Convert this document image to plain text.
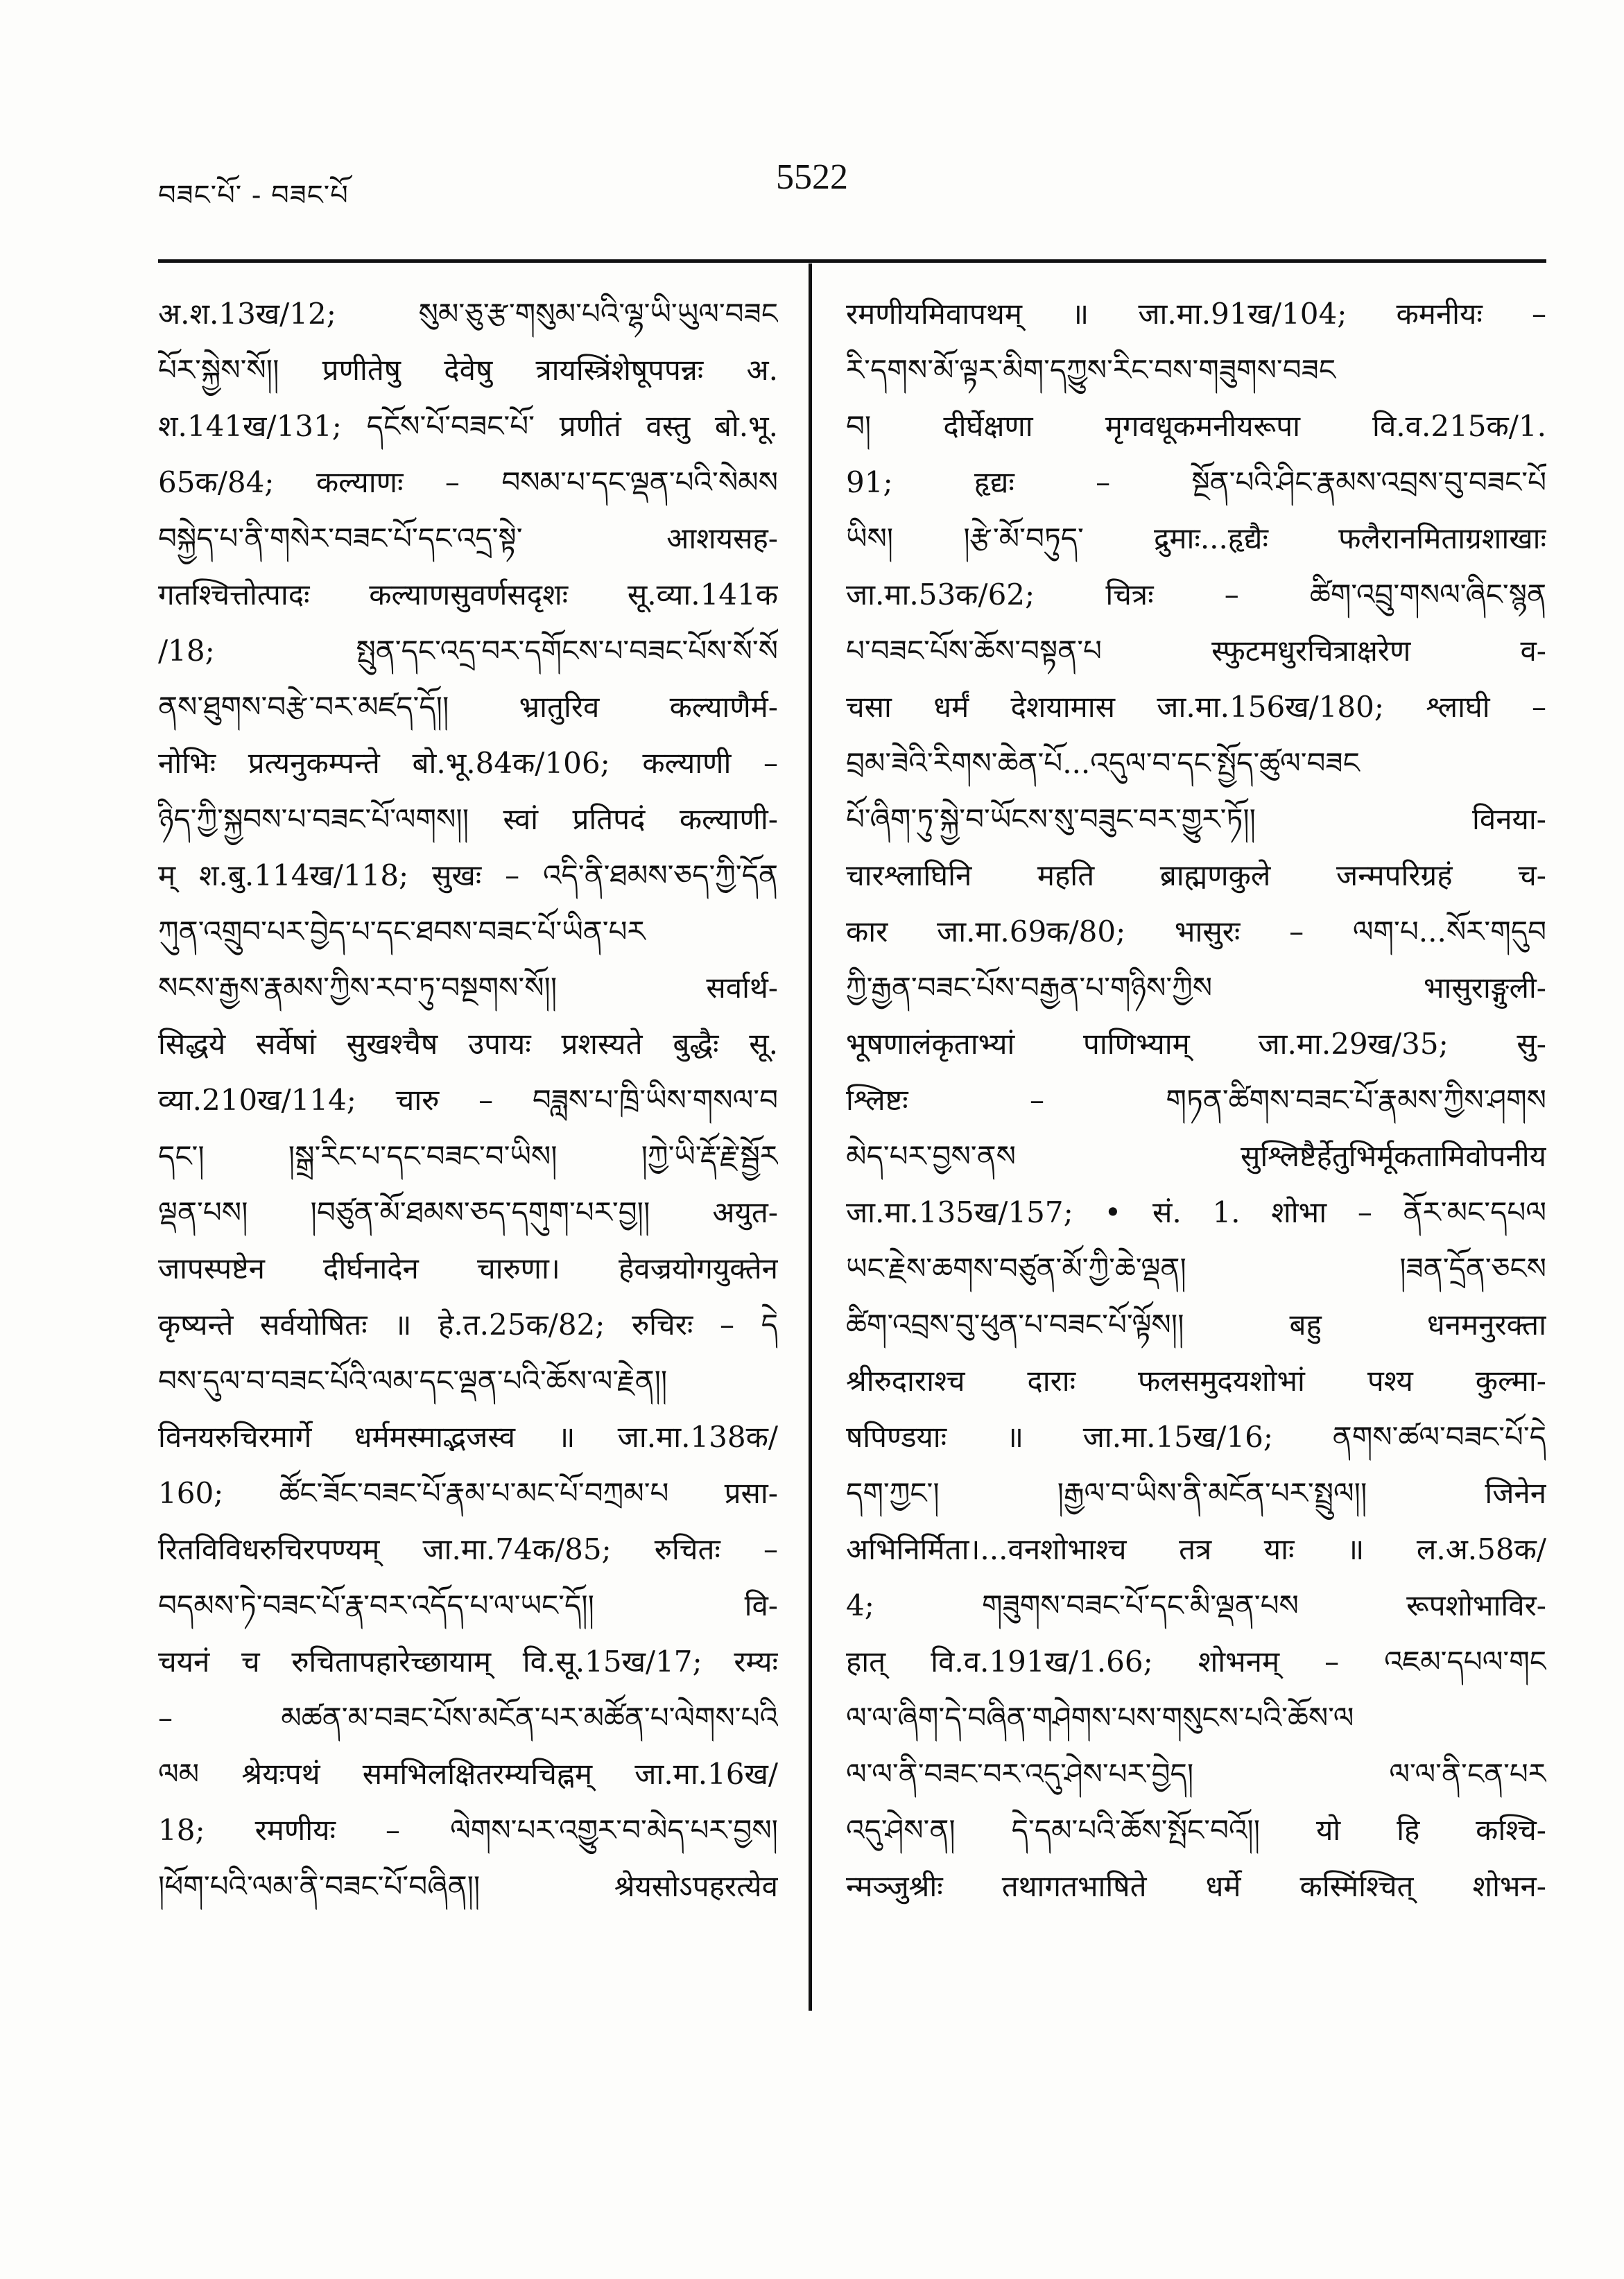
བཟང་པོ་ - བཟང་པོ	5522
अ.श.13ख/12; སུམ་ཅུ་རྩ་གསུམ་པའི་ལྷ་ཡི་ཡུལ་བཟང
པོར་སྐྱེས་སོ།། प्रणीतेषु देवेषु त्रायस्त्रिंशेषूपपन्नः अ.
श.141ख/131; དངོས་པོ་བཟང་པོ་ प्रणीतं वस्तु बो.भू.
65क/84; कल्याणः – བསམ་པ་དང་ལྡན་པའི་སེམས
བསྐྱེད་པ་ནི་གསེར་བཟང་པོ་དང་འདྲ་སྟེ་ आशयसह-
गतश्चित्तोत्पादः कल्याणसुवर्णसदृशः सू.व्या.141क
/18; སྤུན་དང་འདྲ་བར་དགོངས་པ་བཟང་པོས་སོ་སོ
ནས་ཐུགས་བརྩེ་བར་མཛད་དོ།། भ्रातुरिव कल्याणैर्म-
नोभिः प्रत्यनुकम्पन्ते बो.भू.84क/106; कल्याणी –
ཉིད་ཀྱི་སྐྱབས་པ་བཟང་པོ་ལགས།། स्वां प्रतिपदं कल्याणी-
म् श.बु.114ख/118; सुखः – འདི་ནི་ཐམས་ཅད་ཀྱི་དོན
ཀུན་འགྲུབ་པར་བྱེད་པ་དང་ཐབས་བཟང་པོ་ཡིན་པར
སངས་རྒྱས་རྣམས་ཀྱིས་རབ་ཏུ་བསྔགས་སོ།། सर्वार्थ-
सिद्धये सर्वेषां सुखश्चैष उपायः प्रशस्यते बुद्धैः सू.
व्या.210ख/114; चारु – བཟླས་པ་ཁྲི་ཡིས་གསལ་བ
དང་། །སྒྲ་རིང་པ་དང་བཟང་བ་ཡིས། །ཀྱེ་ཡི་རྡོ་རྗེ་སྦྱོར
ལྡན་པས། །བཙུན་མོ་ཐམས་ཅད་དགུག་པར་བྱ།། अयुत-
जापस्पष्टेन दीर्घनादेन चारुणा। हेवज्रयोगयुक्तेन
कृष्यन्ते सर्वयोषितः ॥ हे.त.25क/82; रुचिरः – དེ
བས་དུལ་བ་བཟང་པོའི་ལམ་དང་ལྡན་པའི་ཆོས་ལ་རྗེན།།
विनयरुचिरमार्गे धर्ममस्माद्भजस्व ॥ जा.मा.138क/
160; ཚོང་ཟོང་བཟང་པོ་རྣམ་པ་མང་པོ་བཀྲམ་པ प्रसा-
रितविविधरुचिरपण्यम् जा.मा.74क/85; रुचितः –
བདམས་ཏེ་བཟང་པོ་རྣ་བར་འདོད་པ་ལ་ཡང་དོ།། वि-
चयनं च रुचितापहारेच्छायाम् वि.सू.15ख/17; रम्यः
– མཚན་མ་བཟང་པོས་མངོན་པར་མཚོན་པ་ལེགས་པའི
ལམ श्रेयःपथं समभिलक्षितरम्यचिह्नम् जा.मा.16ख/
18; रमणीयः – ལེགས་པར་འགྱུར་བ་མེད་པར་བྱས།
།ཕོག་པའི་ལམ་ནི་བཟང་པོ་བཞིན།། श्रेयसोऽपहरत्येव
रमणीयमिवापथम् ॥ जा.मा.91ख/104; कमनीयः –
རི་དགས་མོ་ལྟར་མིག་དཀྱུས་རིང་བས་གཟུགས་བཟང
བ། दीर्घेक्षणा मृगवधूकमनीयरूपा वि.व.215क/1.
91; हृद्यः – སྔོན་པའི་ཤིང་རྣམས་འབྲས་བུ་བཟང་པོ
ཡིས། །རྩེ་མོ་བཏུད་ द्रुमाः...हृद्यैः फलैरानमिताग्रशाखाः
जा.मा.53क/62; चित्रः – ཚིག་འབྲུ་གསལ་ཞིང་སྙན
པ་བཟང་པོས་ཆོས་བསྟན་པ स्फुटमधुरचित्राक्षरेण व-
चसा धर्मं देशयामास जा.मा.156ख/180; श्लाघी –
བྲམ་ཟེའི་རིགས་ཆེན་པོ...འདུལ་བ་དང་སྤྱོད་ཚུལ་བཟང
པོ་ཞིག་ཏུ་སྐྱེ་བ་ཡོངས་སུ་བཟུང་བར་གྱུར་ཏོ།། विनया-
चारश्लाघिनि महति ब्राह्मणकुले जन्मपरिग्रहं च-
कार जा.मा.69क/80; भासुरः – ལག་པ...སོར་གདུབ
ཀྱི་རྒྱན་བཟང་པོས་བརྒྱན་པ་གཉིས་ཀྱིས भासुराङ्गुली-
भूषणालंकृताभ्यां पाणिभ्याम् जा.मा.29ख/35; सु-
श्लिष्टः – གཏན་ཚིགས་བཟང་པོ་རྣམས་ཀྱིས་ཤགས
མེད་པར་བྱས་ནས सुश्लिष्टैर्हेतुभिर्मूकतामिवोपनीय
जा.मा.135ख/157; • सं. 1. शोभा – ནོར་མང་དཔལ
ཡང་རྗེས་ཆགས་བཙུན་མོ་ཀྱི་ཆེ་ལྡན། །ཟན་དྲོན་ཅངས
ཚིག་འབྲས་བུ་ཕུན་པ་བཟང་པོ་ལྟོས།། बहु धनमनुरक्ता
श्रीरुदाराश्च दाराः फलसमुदयशोभां पश्य कुल्मा-
षपिण्डयाः ॥ जा.मा.15ख/16; ནགས་ཚལ་བཟང་པོ་དེ
དག་ཀྱང་། །རྒྱལ་བ་ཡིས་ནི་མངོན་པར་སྤྲུལ།། जिनेन
अभिनिर्मिता।...वनशोभाश्च तत्र याः ॥ ल.अ.58क/
4; གཟུགས་བཟང་པོ་དང་མི་ལྡན་པས रूपशोभाविर-
हात् वि.व.191ख/1.66; शोभनम् – འཇམ་དཔལ་གང
ལ་ལ་ཞིག་དེ་བཞིན་གཤེགས་པས་གསུངས་པའི་ཆོས་ལ
ལ་ལ་ནི་བཟང་བར་འདུ་ཤེས་པར་བྱེད། ལ་ལ་ནི་ངན་པར
འདུ་ཤེས་ན། དེ་དམ་པའི་ཆོས་སྤོང་བའོ།། यो हि कश्चि-
न्मञ्जुश्रीः तथागतभाषिते धर्मे कस्मिंश्चित् शोभन-
